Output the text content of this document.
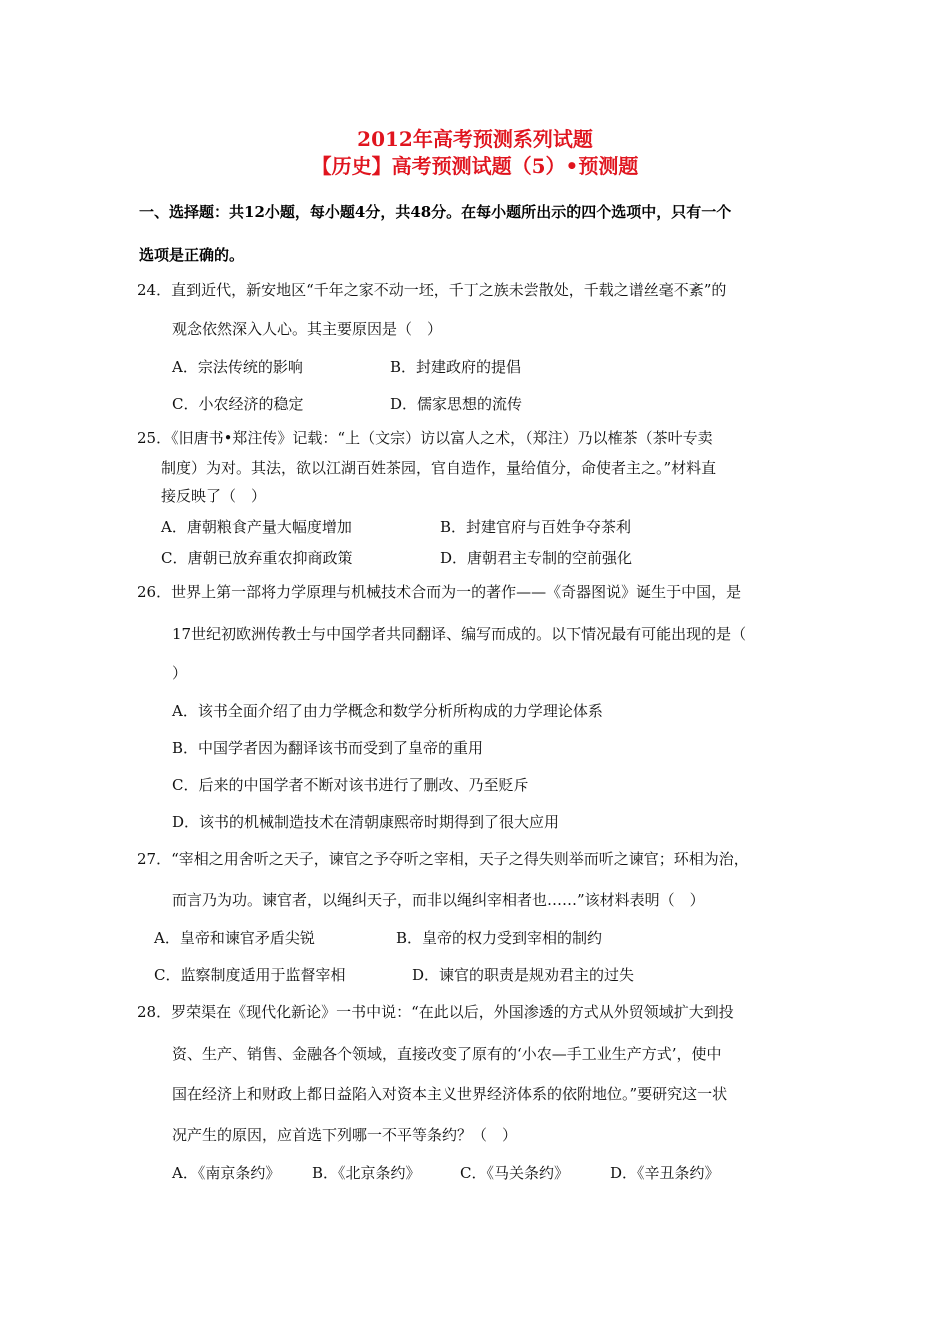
2012年高考预测系列试题
【历史】高考预测试题（5）•预测题
一、选择题：共12小题，每小题4分，共48分。在每小题所出示的四个选项中，只有一个
选项是正确的。
24．直到近代，新安地区“千年之家不动一坯，千丁之族未尝散处，千载之谱丝毫不紊”的
观念依然深入人心。其主要原因是（　）
A．宗法传统的影响	B．封建政府的提倡
C．小农经济的稳定	D．儒家思想的流传
25．《旧唐书•郑注传》记载：“上（文宗）访以富人之术，（郑注）乃以榷茶（茶叶专卖
制度）为对。其法，欲以江湖百姓茶园，官自造作，量给值分，命使者主之。”材料直
接反映了（　）
A．唐朝粮食产量大幅度增加	B．封建官府与百姓争夺茶利
C．唐朝已放弃重农抑商政策	D．唐朝君主专制的空前强化
26．世界上第一部将力学原理与机械技术合而为一的著作——《奇器图说》诞生于中国，是
17世纪初欧洲传教士与中国学者共同翻译、编写而成的。以下情况最有可能出现的是（
）
A．该书全面介绍了由力学概念和数学分析所构成的力学理论体系
B．中国学者因为翻译该书而受到了皇帝的重用
C．后来的中国学者不断对该书进行了删改、乃至贬斥
D．该书的机械制造技术在清朝康熙帝时期得到了很大应用
27．“宰相之用舍听之天子，谏官之予夺听之宰相，天子之得失则举而听之谏官；环相为治，
而言乃为功。谏官者，以绳纠天子，而非以绳纠宰相者也……”该材料表明（　）
A．皇帝和谏官矛盾尖锐	B．皇帝的权力受到宰相的制约
C．监察制度适用于监督宰相	D．谏官的职责是规劝君主的过失
28．罗荣渠在《现代化新论》一书中说：“在此以后，外国渗透的方式从外贸领域扩大到投
资、生产、销售、金融各个领域，直接改变了原有的‘小农—手工业生产方式’，使中
国在经济上和财政上都日益陷入对资本主义世界经济体系的依附地位。”要研究这一状
况产生的原因，应首选下列哪一不平等条约？（　）
A．《南京条约》 B．《北京条约》	C．《马关条约》	D．《辛丑条约》
